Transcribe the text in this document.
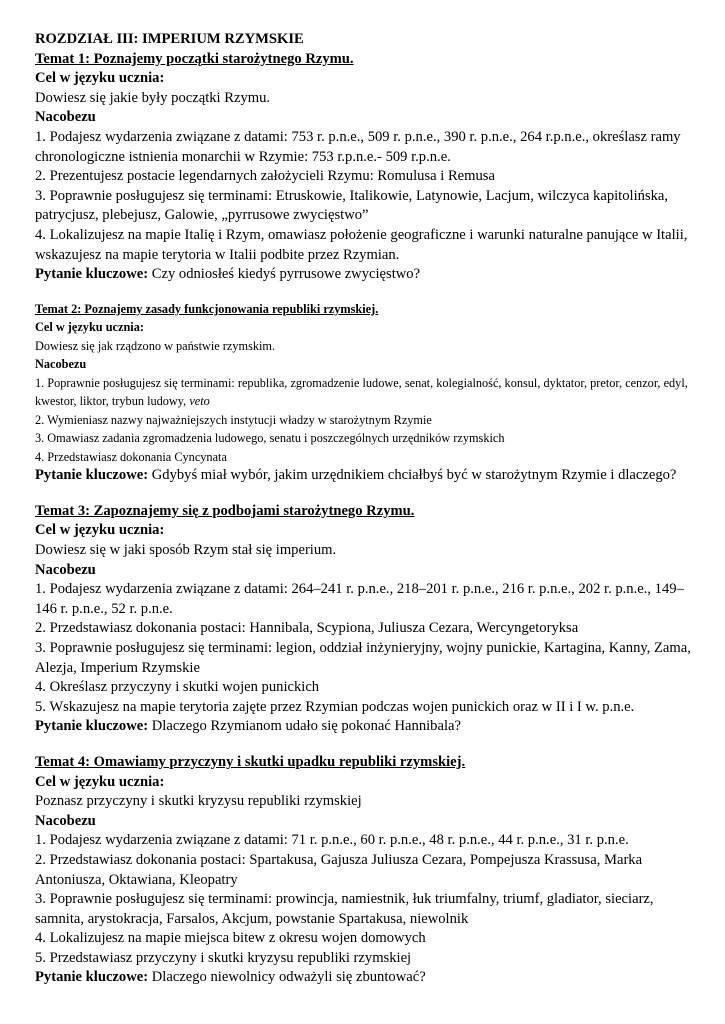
ROZDZIAŁ III: IMPERIUM RZYMSKIE

Temat 1: Poznajemy początki starożytnego Rzymu.

Cel w języku ucznia:

Dowiesz się jakie były początki Rzymu.

Nacobezu

1. Podajesz wydarzenia związane z datami: 753 r. p.n.e., 509 r. p.n.e., 390 r. p.n.e., 264 r.p.n.e., określasz ramy chronologiczne istnienia monarchii w Rzymie: 753 r.p.n.e.- 509 r.p.n.e.

2. Prezentujesz postacie legendarnych założycieli Rzymu: Romulusa i Remusa

3. Poprawnie posługujesz się terminami: Etruskowie, Italikowie, Latynowie, Lacjum, wilczyca kapitolińska, patrycjusz, plebejusz, Galowie, „pyrrusowe zwycięstwo”

4. Lokalizujesz na mapie Italię i Rzym, omawiasz położenie geograficzne i warunki naturalne panujące w Italii, wskazujesz na mapie terytoria w Italii podbite przez Rzymian.

Pytanie kluczowe: Czy odniosłeś kiedyś pyrrusowe zwycięstwo?

Temat 2: Poznajemy zasady funkcjonowania republiki rzymskiej.

Cel w języku ucznia:

Dowiesz się jak rządzono w państwie rzymskim.

Nacobezu

1. Poprawnie posługujesz się terminami: republika, zgromadzenie ludowe, senat, kolegialność, konsul, dyktator, pretor, cenzor, edyl, kwestor, liktor, trybun ludowy, veto

2. Wymieniasz nazwy najważniejszych instytucji władzy w starożytnym Rzymie

3. Omawiasz zadania zgromadzenia ludowego, senatu i poszczególnych urzędników rzymskich

4. Przedstawiasz dokonania Cyncynata

Pytanie kluczowe: Gdybyś miał wybór, jakim urzędnikiem chciałbyś być w starożytnym Rzymie i dlaczego?

Temat 3: Zapoznajemy się z podbojami starożytnego Rzymu.

Cel w języku ucznia:

Dowiesz się w jaki sposób Rzym stał się imperium.

Nacobezu

1. Podajesz wydarzenia związane z datami: 264–241 r. p.n.e., 218–201 r. p.n.e., 216 r. p.n.e., 202 r. p.n.e., 149–146 r. p.n.e., 52 r. p.n.e.

2. Przedstawiasz dokonania postaci: Hannibala, Scypiona, Juliusza Cezara, Wercyngetoryksa

3. Poprawnie posługujesz się terminami: legion, oddział inżynieryjny, wojny punickie, Kartagina, Kanny, Zama, Alezja, Imperium Rzymskie

4. Określasz przyczyny i skutki wojen punickich

5. Wskazujesz na mapie terytoria zajęte przez Rzymian podczas wojen punickich oraz w II i I w. p.n.e.

Pytanie kluczowe: Dlaczego Rzymianom udało się pokonać Hannibala?

Temat 4: Omawiamy przyczyny i skutki upadku republiki rzymskiej.

Cel w języku ucznia:

Poznasz przyczyny i skutki kryzysu republiki rzymskiej

Nacobezu

1. Podajesz wydarzenia związane z datami: 71 r. p.n.e., 60 r. p.n.e., 48 r. p.n.e., 44 r. p.n.e., 31 r. p.n.e.

2. Przedstawiasz dokonania postaci: Spartakusa, Gajusza Juliusza Cezara, Pompejusza Krassusa, Marka Antoniusza, Oktawiana, Kleopatry

3. Poprawnie posługujesz się terminami: prowincja, namiestnik, łuk triumfalny, triumf, gladiator, sieciarz, samnita, arystokracja, Farsalos, Akcjum, powstanie Spartakusa, niewolnik

4. Lokalizujesz na mapie miejsca bitew z okresu wojen domowych

5. Przedstawiasz przyczyny i skutki kryzysu republiki rzymskiej

Pytanie kluczowe: Dlaczego niewolnicy odważyli się zbuntować?
